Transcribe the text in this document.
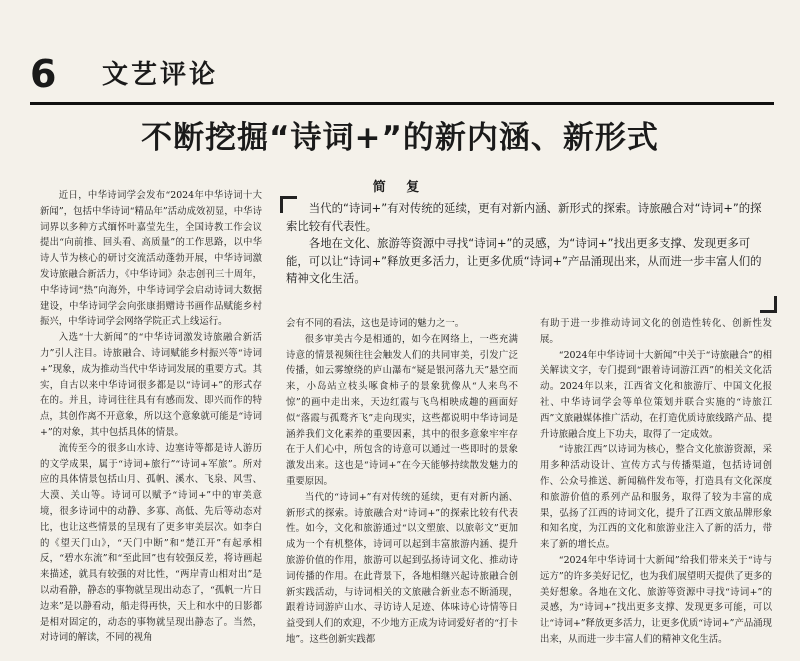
6 文艺评论
不断挖掘“诗词+”的新内涵、新形式
简 复

近日，中华诗词学会发布“2024年中华诗词十大新闻”，包括中华诗词“精品年”活动成效初显，中华诗词界以多种方式缅怀叶嘉莹先生，全国诗教工作会议提出“向前推、回头看、高质量”的工作思路，以中华诗人节为核心的研讨交流活动蓬勃开展，中华诗词激发诗旅融合新活力，《中华诗词》杂志创刊三十周年，中华诗词“热”向海外，中华诗词学会启动诗词大数据建设，中华诗词学会向张康捐赠诗书画作品赋能乡村振兴，中华诗词学会网络学院正式上线运行。

入选“十大新闻”的“中华诗词激发诗旅融合新活力”引人注目。诗旅融合、诗词赋能乡村振兴等“诗词+”现象，成为推动当代中华诗词发展的重要方式。其实，自古以来中华诗词很多都是以“诗词+”的形式存在的。并且，诗词往往具有有感而发、即兴而作的特点，其创作离不开意象，所以这个意象就可能是“诗词+”的对象，其中包括具体的情景。

流传至今的很多山水诗、边塞诗等都是诗人游历的文学成果，属于“诗词+旅行”“诗词+军旅”。所对应的具体情景包括山月、孤帆、溪水、飞泉、风雪、大漠、关山等。诗词可以赋予“诗词+”中的审美意境，很多诗词中的动静、多寡、高低、先后等动态对比，也让这些情景的呈现有了更多审美层次。如李白的《望天门山》，“天门中断”和“楚江开”有起承相反，“碧水东流”和“至此回”也有较强反差，将诗画起来描述，就具有较强的对比性，“两岸青山相对出”是以动看静，静态的事物就呈现出动态了，“孤帆一片日边来”是以静看动，船走得再快，天上和水中的日影都是相对固定的，动态的事物就呈现出静态了。当然，对诗词的解读，不同的视角

当代的“诗词+”有对传统的延续，更有对新内涵、新形式的探索。诗旅融合对“诗词+”的探索比较有代表性。

各地在文化、旅游等资源中寻找“诗词+”的灵感，为“诗词+”找出更多支撑、发现更多可能，可以让“诗词+”释放更多活力，让更多优质“诗词+”产品涌现出来，从而进一步丰富人们的精神文化生活。

会有不同的看法，这也是诗词的魅力之一。

很多审美古今是相通的，如今在网络上，一些充满诗意的情景视频往往会触发人们的共同审美，引发广泛传播，如云雾缭绕的庐山瀑布“疑是银河落九天”悬空而来，小岛站立枝头啄食柿子的景象犹像从“人来鸟不惊”的画中走出来，天边红霞与飞鸟相映成趣的画面好似“落霞与孤鹜齐飞”走向现实，这些都说明中华诗词是涵养我们文化素养的重要因素，其中的很多意象牢牢存在于人们心中，所包含的诗意可以通过一些即时的景象激发出来。这也是“诗词+”在今天能够持续散发魅力的重要原因。

当代的“诗词+”有对传统的延续，更有对新内涵、新形式的探索。诗旅融合对“诗词+”的探索比较有代表性。如今，文化和旅游通过“以文塑旅、以旅彰文”更加成为一个有机整体，诗词可以起到丰富旅游内涵、提升旅游价值的作用，旅游可以起到弘扬诗词文化、推动诗词传播的作用。在此背景下，各地相继兴起诗旅融合创新实践活动，与诗词相关的文旅融合新业态不断涌现，跟着诗词游庐山水、寻访诗人足迹、体味诗心诗情等日益受到人们的欢迎，不少地方正成为诗词爱好者的“打卡地”。这些创新实践都

有助于进一步推动诗词文化的创造性转化、创新性发展。

“2024年中华诗词十大新闻”中关于“诗旅融合”的相关解读文字，专门提到“跟着诗词游江西”的相关文化活动。2024年以来，江西省文化和旅游厅、中国文化报社、中华诗词学会等单位策划并联合实施的“诗旅江西”文旅融媒体推广活动，在打造优质诗旅线路产品、提升诗旅融合度上下功夫，取得了一定成效。

“诗旅江西”以诗词为核心，整合文化旅游资源，采用多种活动设计、宣传方式与传播渠道，包括诗词创作、公众号推送、新闻稿件发布等，打造具有文化深度和旅游价值的系列产品和服务，取得了较为丰富的成果，弘扬了江西的诗词文化，提升了江西文旅品牌形象和知名度，为江西的文化和旅游业注入了新的活力，带来了新的增长点。

“2024年中华诗词十大新闻”给我们带来关于“诗与远方”的许多美好记忆，也为我们展望明天提供了更多的美好想象。各地在文化、旅游等资源中寻找“诗词+”的灵感，为“诗词+”找出更多支撑、发现更多可能，可以让“诗词+”释放更多活力，让更多优质“诗词+”产品涌现出来，从而进一步丰富人们的精神文化生活。
